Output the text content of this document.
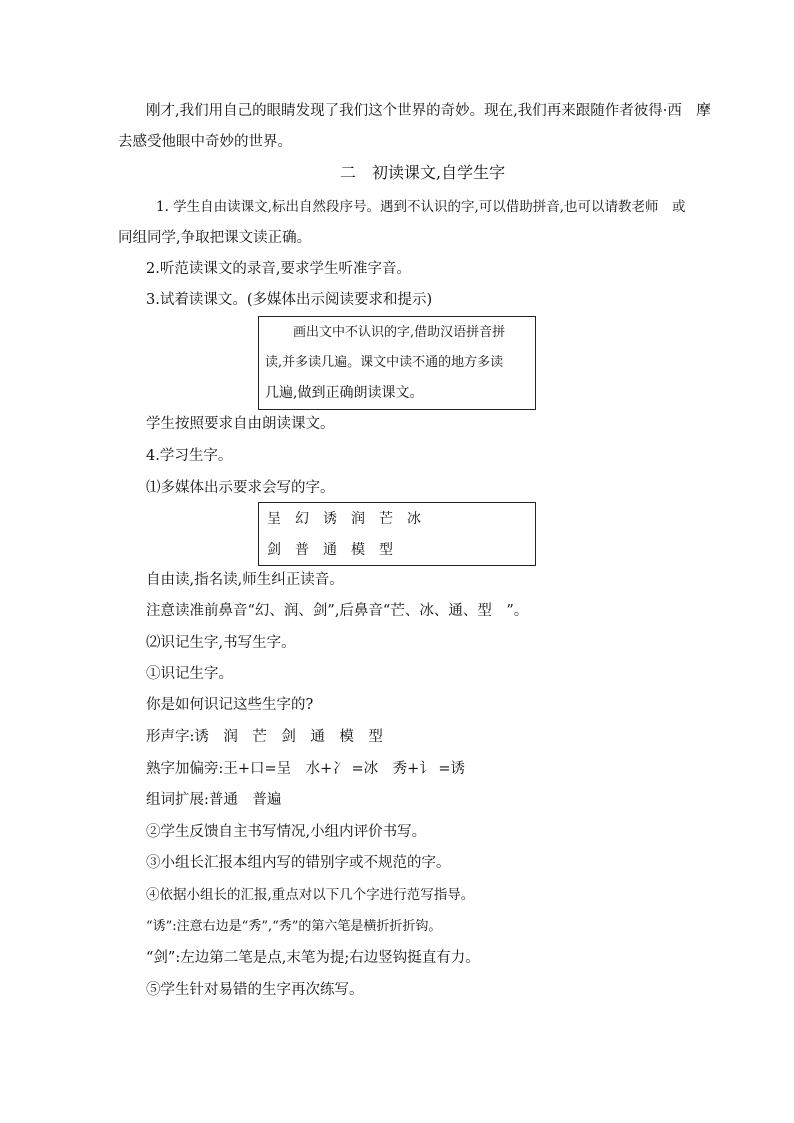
刚才,我们用自己的眼睛发现了我们这个世界的奇妙。现在,我们再来跟随作者彼得·西　摩
去感受他眼中奇妙的世界。
二　初读课文,自学生字
1. 学生自由读课文,标出自然段序号。遇到不认识的字,可以借助拼音,也可以请教老师　或
同组同学,争取把课文读正确。
2.听范读课文的录音,要求学生听准字音。
3.试着读课文。(多媒体出示阅读要求和提示)
画出文中不认识的字,借助汉语拼音拼
读,并多读几遍。课文中读不通的地方多读
几遍,做到正确朗读课文。
学生按照要求自由朗读课文。
4.学习生字。
⑴多媒体出示要求会写的字。
呈　幻　诱　润　芒　冰
剑　普　通　模　型
自由读,指名读,师生纠正读音。
注意读准前鼻音“幻、润、剑”,后鼻音“芒、冰、通、型　”。
⑵识记生字,书写生字。
①识记生字。
你是如何识记这些生字的?
形声字:诱　润　芒　剑　通　模　型
熟字加偏旁:王+口=呈　水+冫 =冰　秀+讠 =诱
组词扩展:普通　普遍
②学生反馈自主书写情况,小组内评价书写。
③小组长汇报本组内写的错别字或不规范的字。
④依据小组长的汇报,重点对以下几个字进行范写指导。
“诱”:注意右边是“秀”,“秀”的第六笔是横折折折钩。
“剑”:左边第二笔是点,末笔为提;右边竖钩挺直有力。
⑤学生针对易错的生字再次练写。
